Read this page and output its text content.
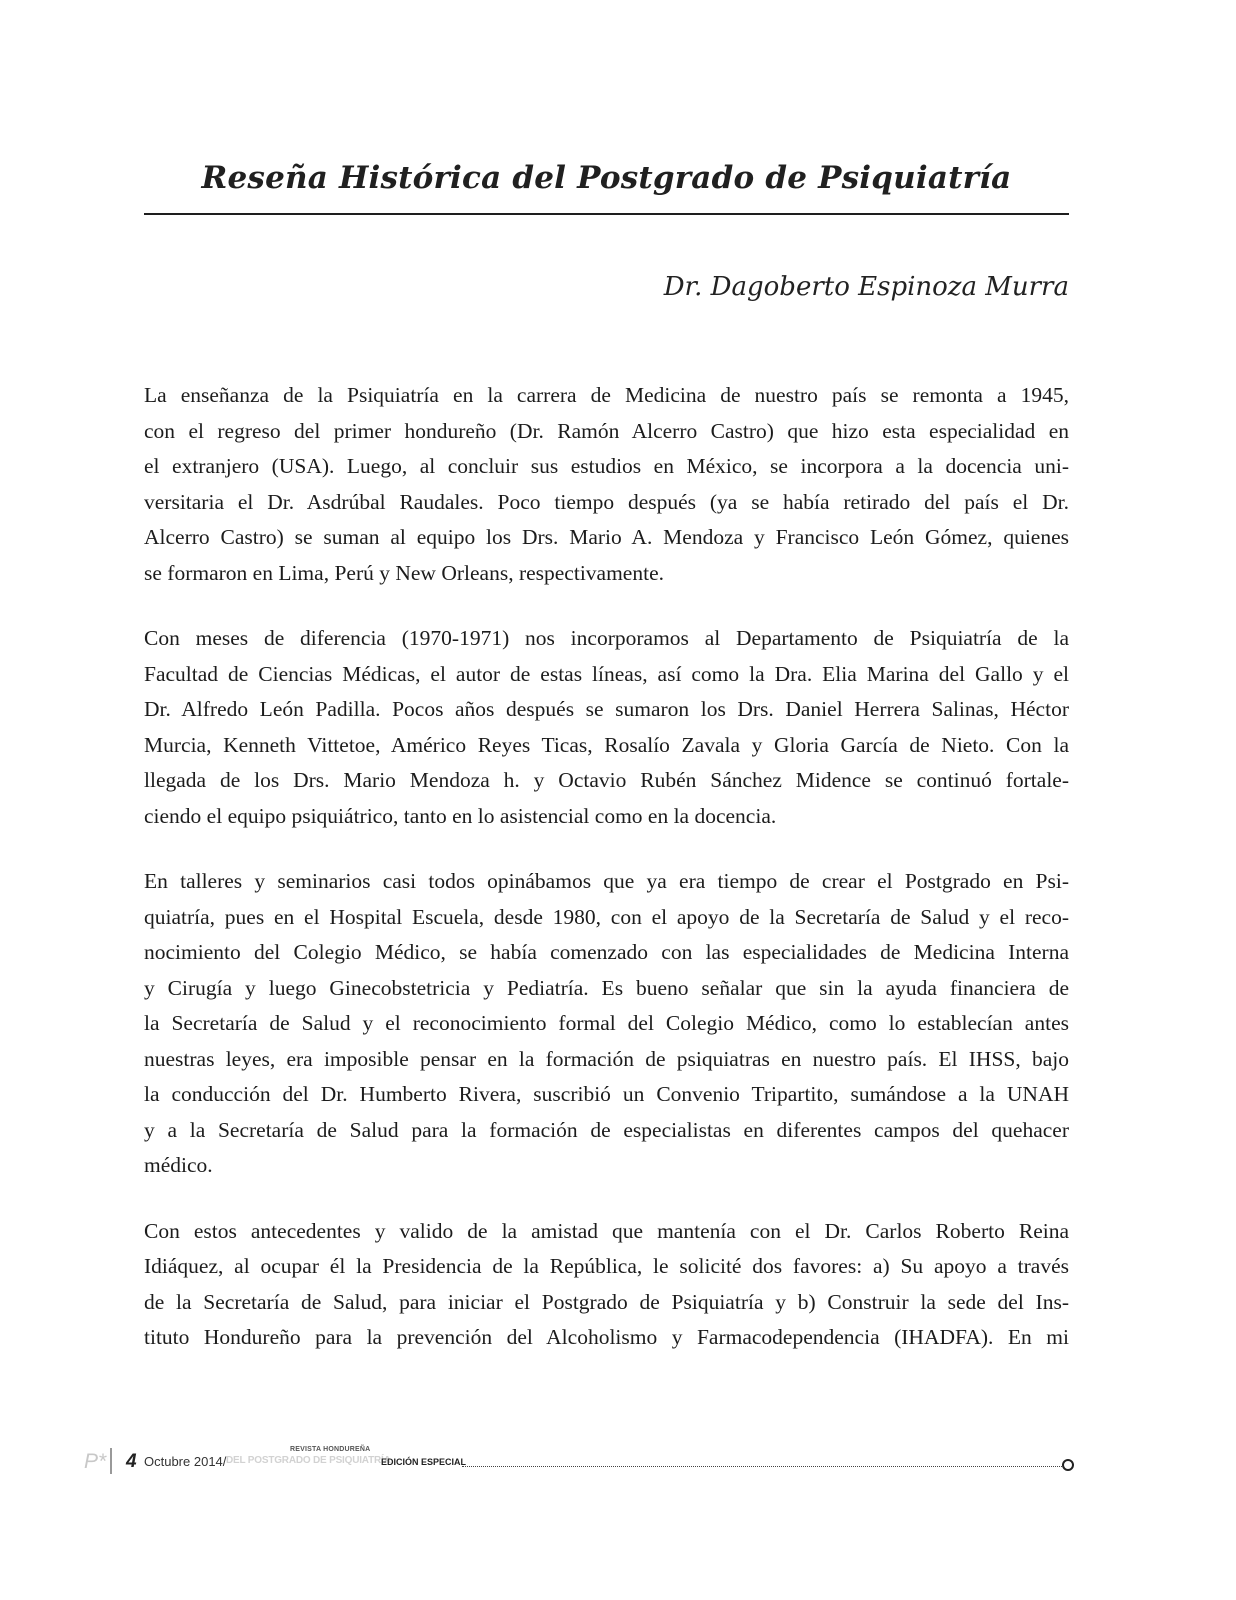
Reseña Histórica del Postgrado de Psiquiatría
Dr. Dagoberto Espinoza Murra
La enseñanza de la Psiquiatría en la carrera de Medicina de nuestro país se remonta a 1945,
con el regreso del primer hondureño (Dr. Ramón Alcerro Castro) que hizo esta especialidad en
el extranjero (USA). Luego, al concluir sus estudios en México, se incorpora a la docencia uni-
versitaria el Dr. Asdrúbal Raudales. Poco tiempo después (ya se había retirado del país el Dr.
Alcerro Castro) se suman al equipo los Drs. Mario A. Mendoza y Francisco León Gómez, quienes
se formaron en Lima, Perú y New Orleans, respectivamente.
Con meses de diferencia (1970-1971) nos incorporamos al Departamento de Psiquiatría de la
Facultad de Ciencias Médicas, el autor de estas líneas, así como la Dra. Elia Marina del Gallo y el
Dr. Alfredo León Padilla. Pocos años después se sumaron los Drs. Daniel Herrera Salinas, Héctor
Murcia, Kenneth Vittetoe, Américo Reyes Ticas, Rosalío Zavala y Gloria García de Nieto. Con la
llegada de los Drs. Mario Mendoza h. y Octavio Rubén Sánchez Midence se continuó fortale-
ciendo el equipo psiquiátrico, tanto en lo asistencial como en la docencia.
En talleres y seminarios casi todos opinábamos que ya era tiempo de crear el Postgrado en Psi-
quiatría, pues en el Hospital Escuela, desde 1980, con el apoyo de la Secretaría de Salud y el reco-
nocimiento del Colegio Médico, se había comenzado con las especialidades de Medicina Interna
y Cirugía y luego Ginecobstetricia y Pediatría. Es bueno señalar que sin la ayuda financiera de
la Secretaría de Salud y el reconocimiento formal del Colegio Médico, como lo establecían antes
nuestras leyes, era imposible pensar en la formación de psiquiatras en nuestro país. El IHSS, bajo
la conducción del Dr. Humberto Rivera, suscribió un Convenio Tripartito, sumándose a la UNAH
y a la Secretaría de Salud para la formación de especialistas en diferentes campos del quehacer
médico.
Con estos antecedentes y valido de la amistad que mantenía con el Dr. Carlos Roberto Reina
Idiáquez, al ocupar él la Presidencia de la República, le solicité dos favores: a) Su apoyo a través
de la Secretaría de Salud, para iniciar el Postgrado de Psiquiatría y b) Construir la sede del Ins-
tituto Hondureño para la prevención del Alcoholismo y Farmacodependencia (IHADFA). En mi
P* 4 Octubre 2014/
REVISTA HONDUREÑA
DEL POSTGRADO DE PSIQUIATRÍA
EDICIÓN ESPECIAL
